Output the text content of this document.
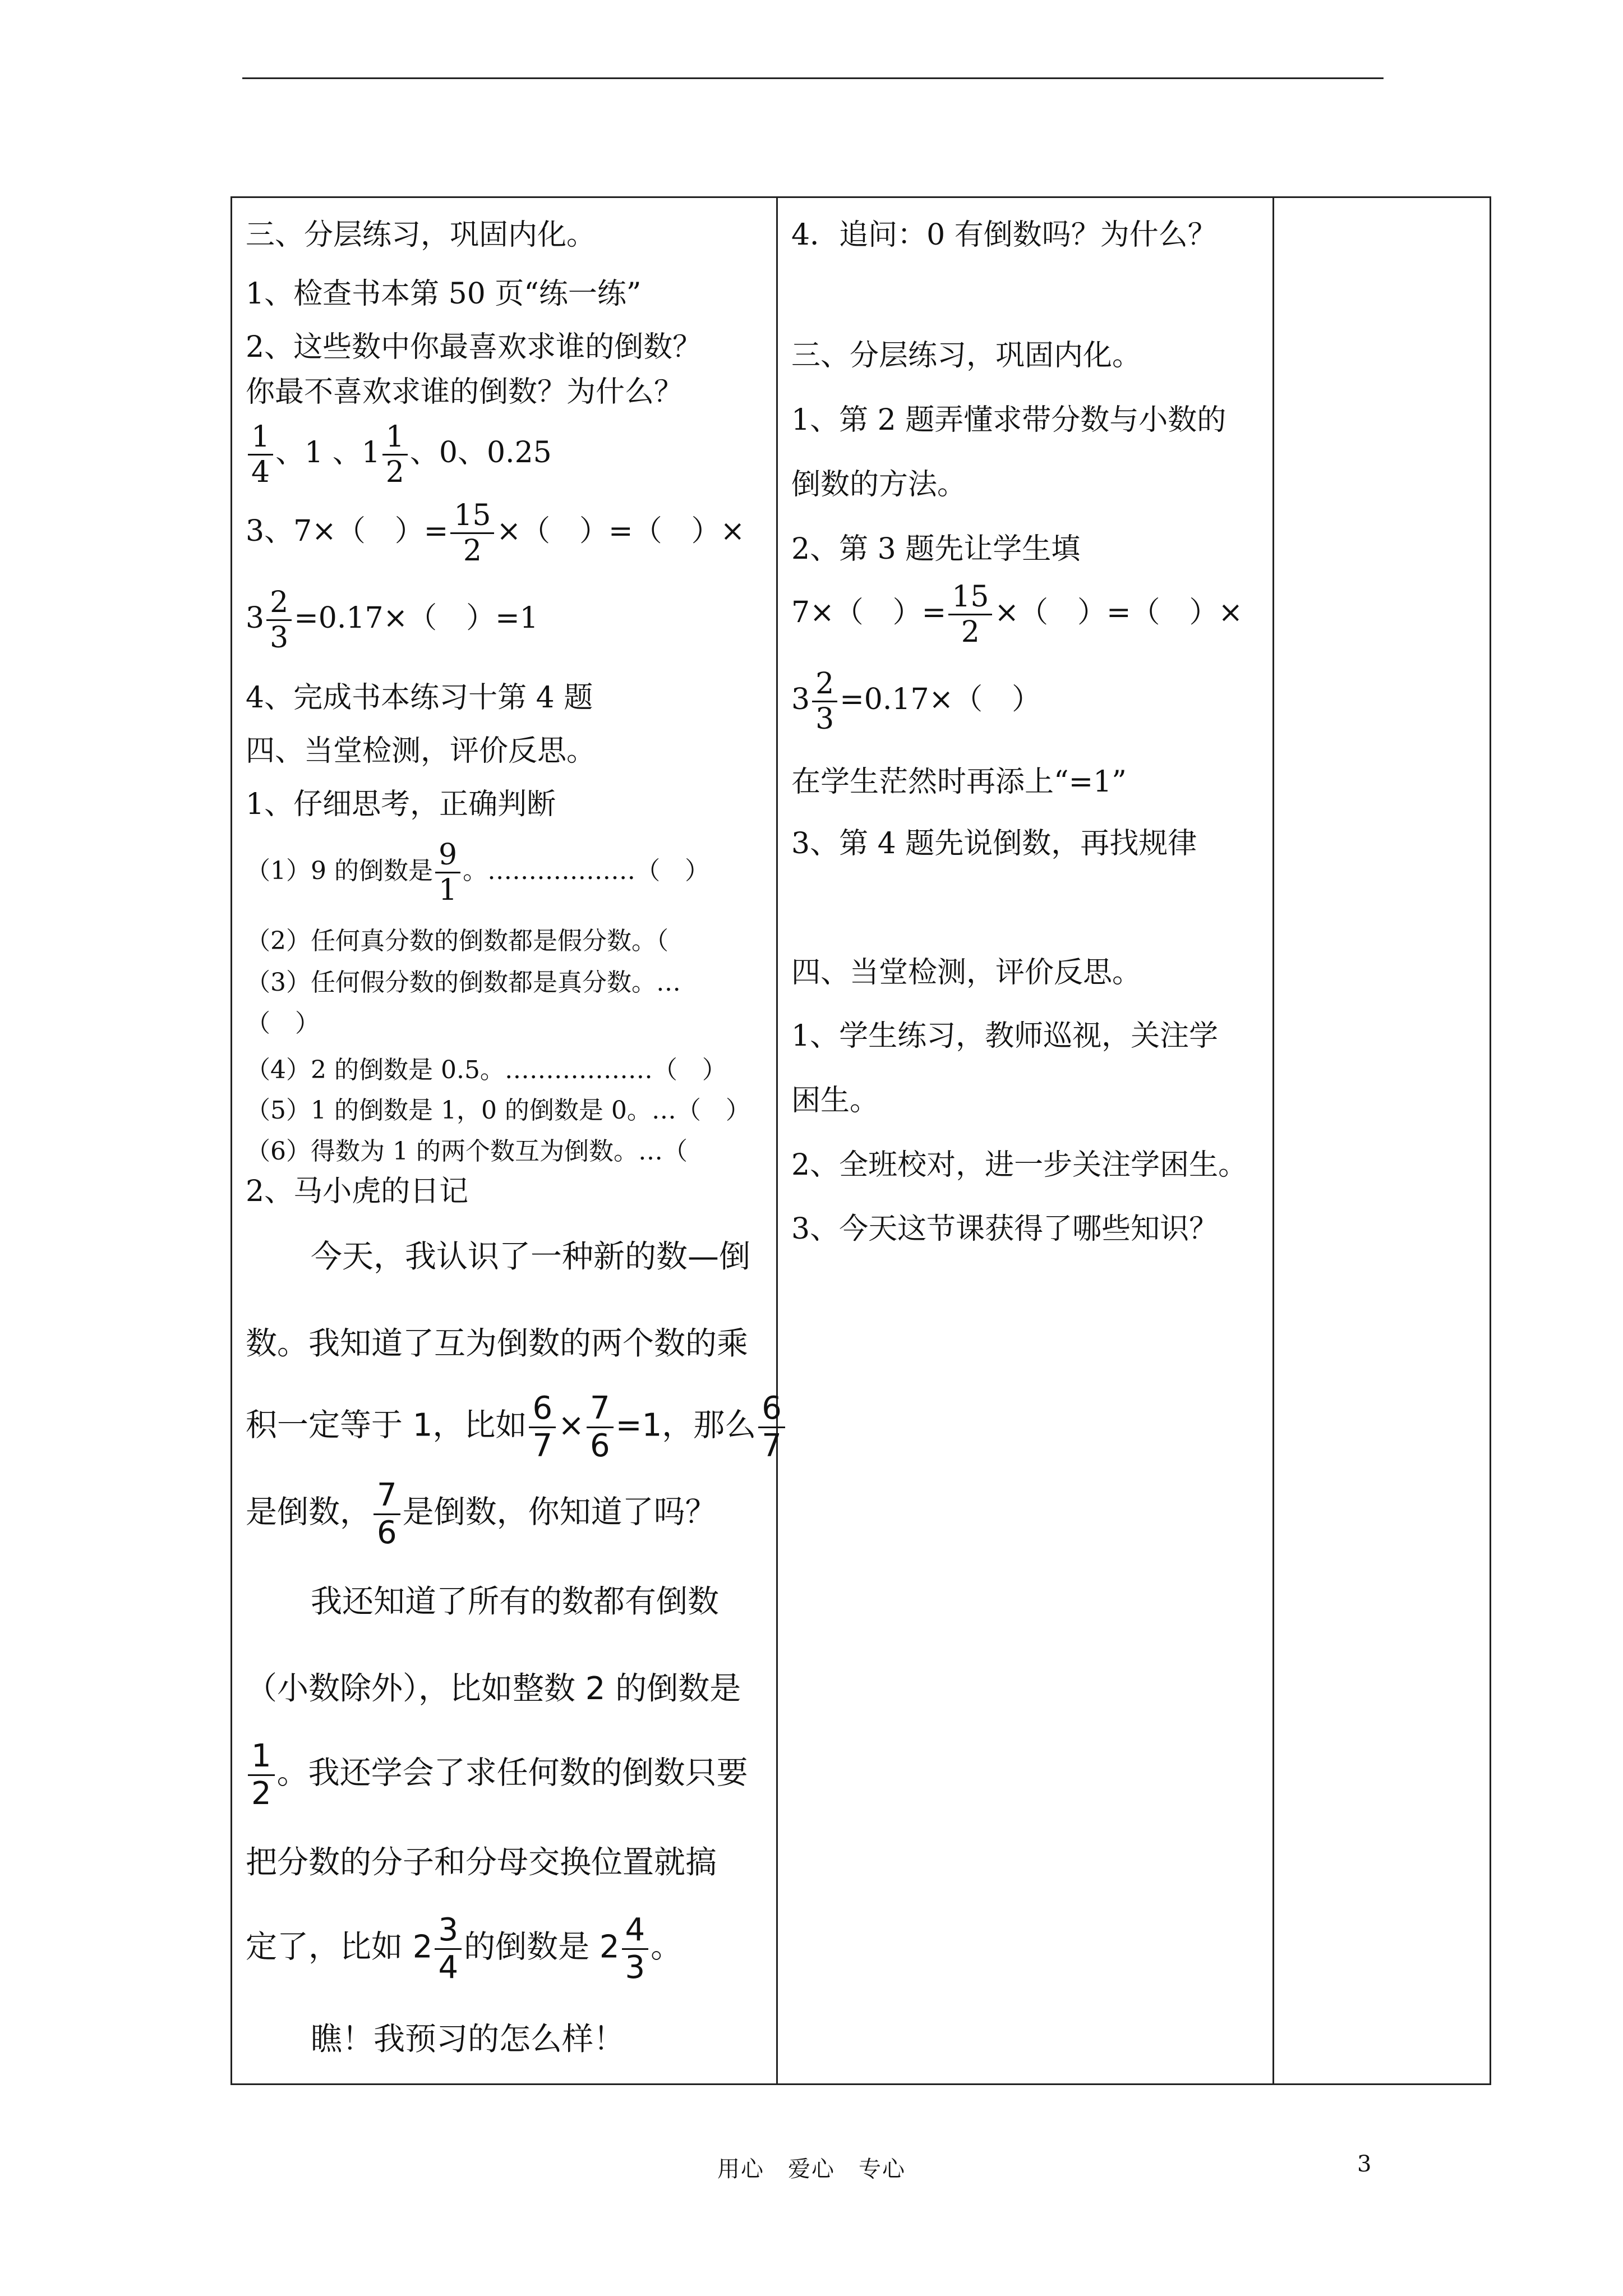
三、分层练习，巩固内化。
1、检查书本第 50 页“练一练”
2、这些数中你最喜欢求谁的倒数？
你最不喜欢求谁的倒数？为什么？
$\frac{1}{4}$ 、1 、$1 \frac{1}{2}$ 、0、0.25
3、7×（　）= $\frac{15}{2}$ ×（　）=（　）×
$3 \frac{2}{3} =0.17\times$（　）=1
4、完成书本练习十第 4 题
四、当堂检测，评价反思。
1、仔细思考，正确判断
（1）9 的倒数是 $\frac{9}{1}$ 。………………（　）
（2）任何真分数的倒数都是假分数。（
（3）任何假分数的倒数都是真分数。…
（　）
（4）2 的倒数是 0.5。………………（　）
（5）1 的倒数是 1，0 的倒数是 0。…（　）
（6）得数为 1 的两个数互为倒数。…（
2、马小虎的日记
今天，我认识了一种新的数—倒
数。我知道了互为倒数的两个数的乘
积一定等于 1，比如 $\frac{6}{7} \times \frac{7}{6} =1$，那么 $\frac{6}{7}$
是倒数， $\frac{7}{6}$ 是倒数，你知道了吗？
我还知道了所有的数都有倒数
（小数除外），比如整数 2 的倒数是
$\frac{1}{2}$ 。我还学会了求任何数的倒数只要
把分数的分子和分母交换位置就搞
定了，比如 $2 \frac{3}{4}$ 的倒数是 $2 \frac{4}{3}$ 。
瞧！我预习的怎么样！
4．追问：0 有倒数吗？为什么？
三、分层练习，巩固内化。
1、第 2 题弄懂求带分数与小数的
倒数的方法。
2、第 3 题先让学生填
7×（　）= $\frac{15}{2}$ ×（　）=（　）×
$3 \frac{2}{3} =0.17\times$（　）
在学生茫然时再添上“=1”
3、第 4 题先说倒数，再找规律
四、当堂检测，评价反思。
1、学生练习，教师巡视，关注学
困生。
2、全班校对，进一步关注学困生。
3、今天这节课获得了哪些知识？
用心　爱心　专心	3
